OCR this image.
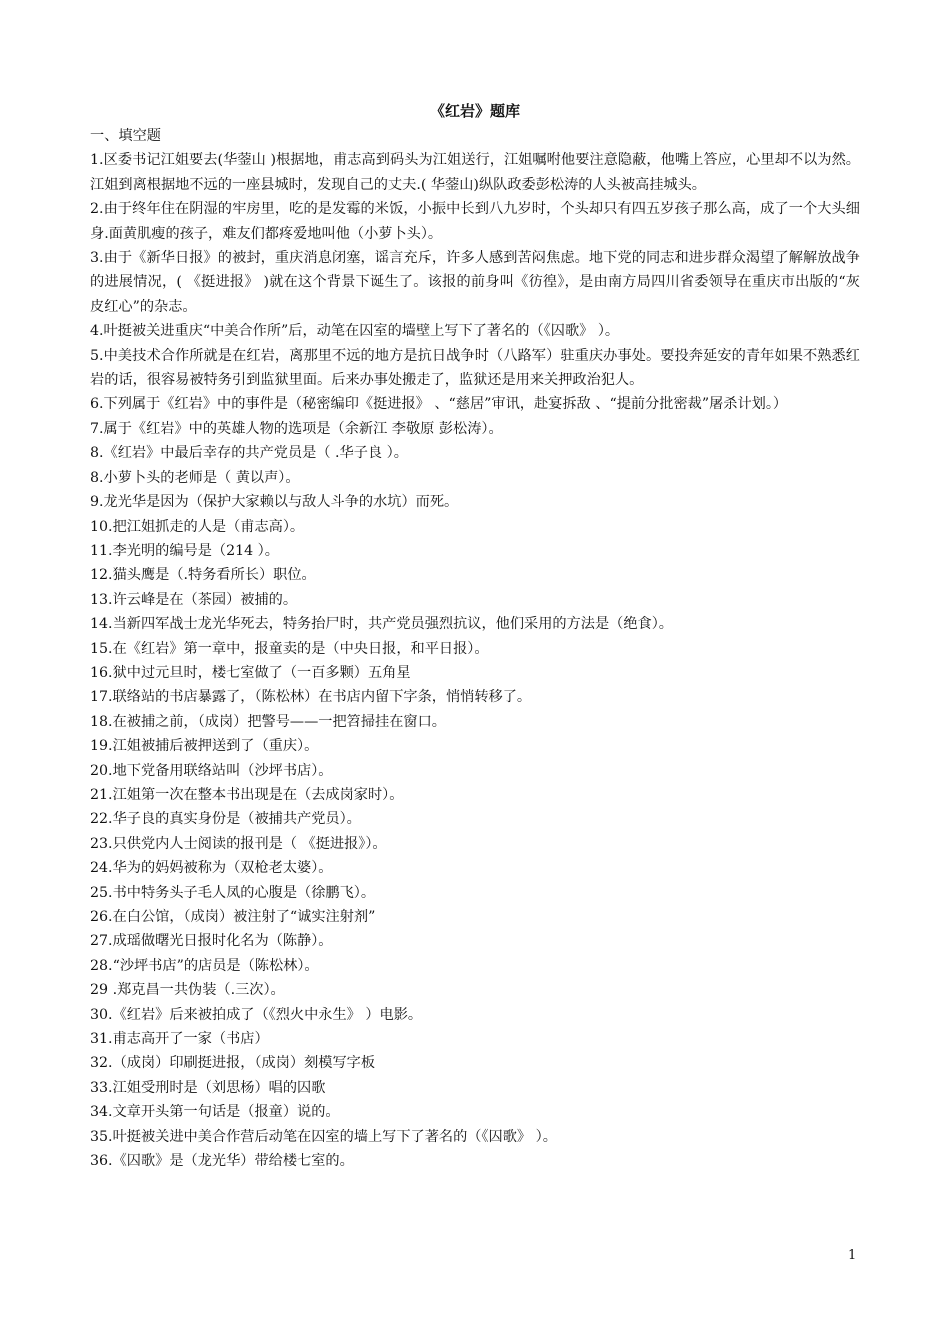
《红岩》题库

一、填空题

1.区委书记江姐要去(华蓥山 )根据地，甫志高到码头为江姐送行，江姐嘱咐他要注意隐蔽，他嘴上答应，心里却不以为然。江姐到离根据地不远的一座县城时，发现自己的丈夫.( 华蓥山)纵队政委彭松涛的人头被高挂城头。

2.由于终年住在阴湿的牢房里，吃的是发霉的米饭，小振中长到八九岁时，个头却只有四五岁孩子那么高，成了一个大头细身.面黄肌瘦的孩子，难友们都疼爱地叫他（小萝卜头）。

3.由于《新华日报》的被封，重庆消息闭塞，谣言充斥，许多人感到苦闷焦虑。地下党的同志和进步群众渴望了解解放战争的进展情况，( 《挺进报》 )就在这个背景下诞生了。该报的前身叫《彷徨》，是由南方局四川省委领导在重庆市出版的“灰皮红心”的杂志。

4.叶挺被关进重庆“中美合作所”后，动笔在囚室的墙壁上写下了著名的（《囚歌》 ）。

5.中美技术合作所就是在红岩，离那里不远的地方是抗日战争时（八路军）驻重庆办事处。要投奔延安的青年如果不熟悉红岩的话，很容易被特务引到监狱里面。后来办事处搬走了，监狱还是用来关押政治犯人。

6.下列属于《红岩》中的事件是（秘密编印《挺进报》 、“慈居”审讯，赴宴拆敌 、“提前分批密裁”屠杀计划。）

7.属于《红岩》中的英雄人物的选项是（余新江 李敬原 彭松涛）。

8.《红岩》中最后幸存的共产党员是（ .华子良 ）。

8.小萝卜头的老师是（ 黄以声）。

9.龙光华是因为（保护大家赖以与敌人斗争的水坑）而死。

10.把江姐抓走的人是（甫志高）。

11.李光明的编号是（214 ）。

12.猫头鹰是（.特务看所长）职位。

13.许云峰是在（茶园）被捕的。

14.当新四军战士龙光华死去，特务抬尸时，共产党员强烈抗议，他们采用的方法是（绝食）。

15.在《红岩》第一章中，报童卖的是（中央日报，和平日报）。

16.狱中过元旦时，楼七室做了（一百多颗）五角星

17.联络站的书店暴露了，（陈松林）在书店内留下字条，悄悄转移了。

18.在被捕之前，（成岗）把警号——一把笤掃挂在窗口。

19.江姐被捕后被押送到了（重庆）。

20.地下党备用联络站叫（沙坪书店）。

21.江姐第一次在整本书出现是在（去成岗家时）。

22.华子良的真实身份是（被捕共产党员）。

23.只供党内人士阅读的报刊是（ 《挺进报》）。

24.华为的妈妈被称为（双枪老太婆）。

25.书中特务头子毛人凤的心腹是（徐鹏飞）。

26.在白公馆，（成岗）被注射了“诚实注射剂”

27.成瑶做曙光日报时化名为（陈静）。

28.“沙坪书店”的店员是（陈松林）。

29 .郑克昌一共伪装（.三次）。

30.《红岩》后来被拍成了（《烈火中永生》 ）电影。

31.甫志高开了一家（书店）

32.（成岗）印刷挺进报，（成岗）刻模写字板

33.江姐受刑时是（刘思杨）唱的囚歌

34.文章开头第一句话是（报童）说的。

35.叶挺被关进中美合作营后动笔在囚室的墙上写下了著名的（《囚歌》 ）。

36.《囚歌》是（龙光华）带给楼七室的。

1
